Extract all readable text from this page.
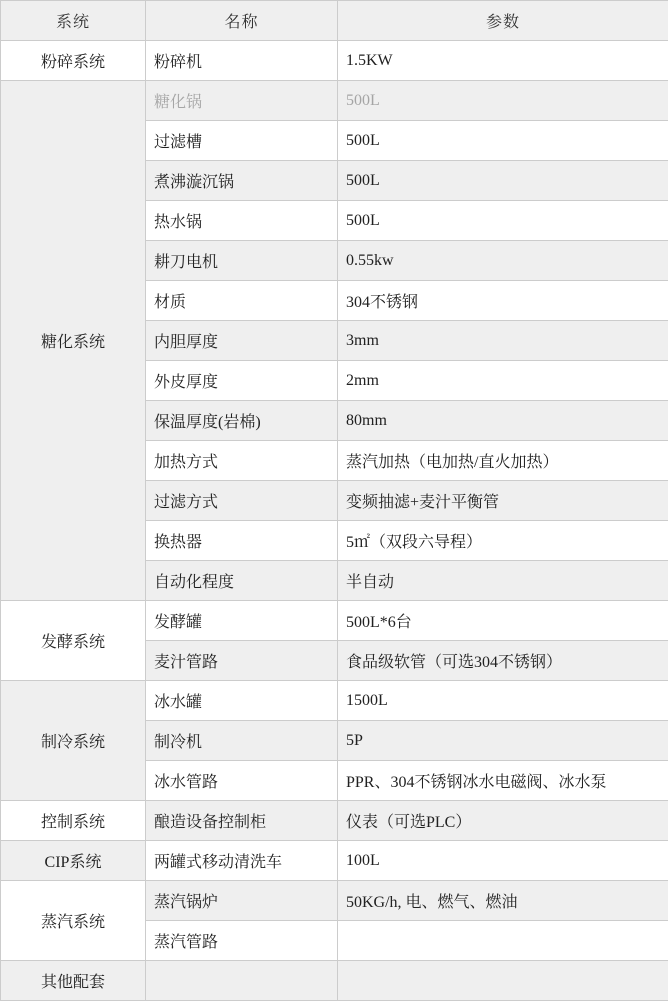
系统	名称	参数
粉碎系统	粉碎机	1.5KW
糖化系统	糖化锅	500L
	过滤槽	500L
	煮沸漩沉锅	500L
	热水锅	500L
	耕刀电机	0.55kw
	材质	304不锈钢
	内胆厚度	3mm
	外皮厚度	2mm
	保温厚度(岩棉)	80mm
	加热方式	蒸汽加热（电加热/直火加热）
	过滤方式	变频抽滤+麦汁平衡管
	换热器	5㎡（双段六导程）
	自动化程度	半自动
发酵系统	发酵罐	500L*6台
	麦汁管路	食品级软管（可选304不锈钢）
制冷系统	冰水罐	1500L
	制冷机	5P
	冰水管路	PPR、304不锈钢冰水电磁阀、冰水泵
控制系统	酿造设备控制柜	仪表（可选PLC）
CIP系统	两罐式移动清洗车	100L
蒸汽系统	蒸汽锅炉	50KG/h, 电、燃气、燃油
	蒸汽管路	
其他配套		
